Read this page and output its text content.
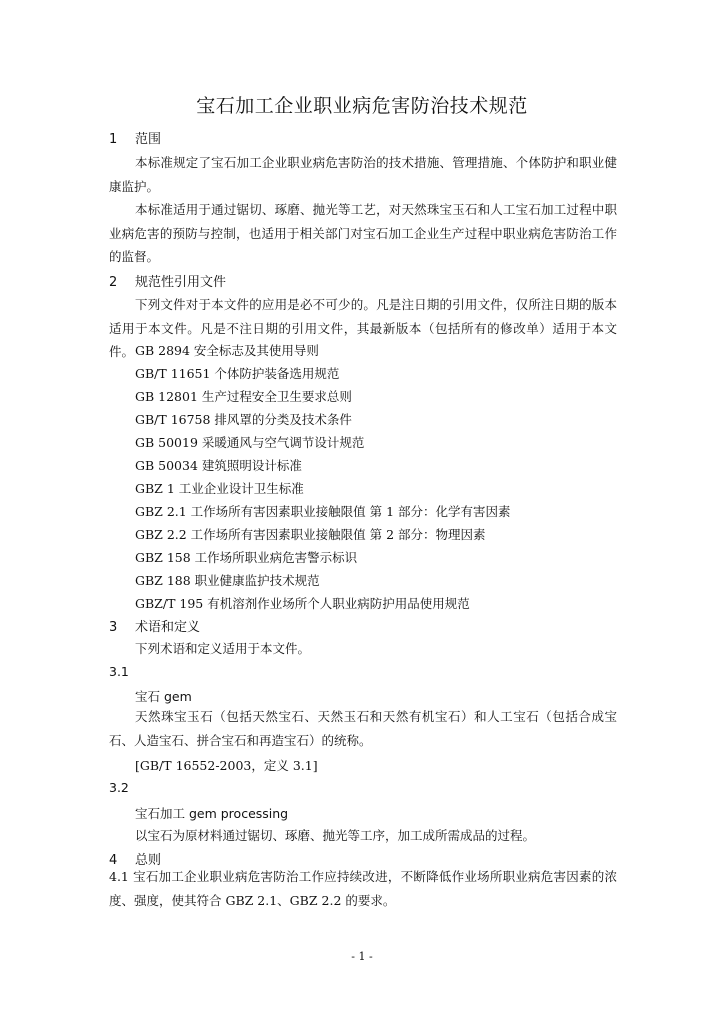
宝石加工企业职业病危害防治技术规范
1 范围

本标准规定了宝石加工企业职业病危害防治的技术措施、管理措施、个体防护和职业健康监护。

本标准适用于通过锯切、琢磨、抛光等工艺，对天然珠宝玉石和人工宝石加工过程中职业病危害的预防与控制，也适用于相关部门对宝石加工企业生产过程中职业病危害防治工作的监督。

2 规范性引用文件

下列文件对于本文件的应用是必不可少的。凡是注日期的引用文件，仅所注日期的版本适用于本文件。凡是不注日期的引用文件，其最新版本（包括所有的修改单）适用于本文件。 GB 2894 安全标志及其使用导则
GB/T 11651 个体防护装备选用规范
GB 12801 生产过程安全卫生要求总则
GB/T 16758 排风罩的分类及技术条件
GB 50019 采暖通风与空气调节设计规范
GB 50034 建筑照明设计标准
GBZ 1 工业企业设计卫生标准
GBZ 2.1 工作场所有害因素职业接触限值 第 1 部分：化学有害因素
GBZ 2.2 工作场所有害因素职业接触限值 第 2 部分：物理因素
GBZ 158 工作场所职业病危害警示标识
GBZ 188 职业健康监护技术规范
GBZ/T 195 有机溶剂作业场所个人职业病防护用品使用规范
3 术语和定义

下列术语和定义适用于本文件。

3.1
宝石 gem

天然珠宝玉石（包括天然宝石、天然玉石和天然有机宝石）和人工宝石（包括合成宝石、人造宝石、拼合宝石和再造宝石）的统称。

[GB/T 16552-2003，定义 3.1]
3.2
宝石加工 gem processing
以宝石为原材料通过锯切、琢磨、抛光等工序，加工成所需成品的过程。
4 总则

4.1 宝石加工企业职业病危害防治工作应持续改进，不断降低作业场所职业病危害因素的浓度、强度，使其符合 GBZ 2.1、GBZ 2.2 的要求。

- 1 -
